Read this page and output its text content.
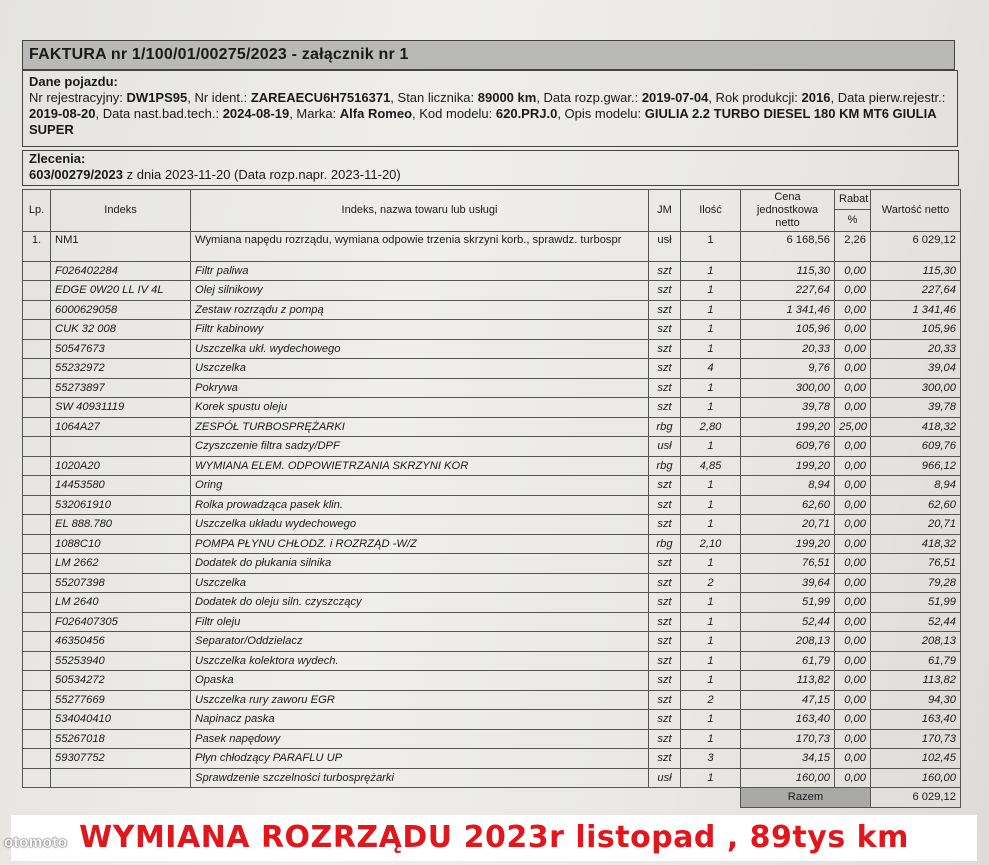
FAKTURA nr 1/100/01/00275/2023 - załącznik nr 1
Dane pojazdu:
Nr rejestracyjny: DW1PS95, Nr ident.: ZAREAECU6H7516371, Stan licznika: 89000 km, Data rozp.gwar.: 2019-07-04, Rok produkcji: 2016, Data pierw.rejestr.: 2019-08-20, Data nast.bad.tech.: 2024-08-19, Marka: Alfa Romeo, Kod modelu: 620.PRJ.0, Opis modelu: GIULIA 2.2 TURBO DIESEL 180 KM MT6 GIULIA SUPER
Zlecenia:
603/00279/2023 z dnia 2023-11-20 (Data rozp.napr. 2023-11-20)
Lp.	Indeks	Indeks, nazwa towaru lub usługi	JM	Ilość	Cena jednostkowa netto	Rabat	Wartość netto
						%	
1.	NM1	Wymiana napędu rozrządu, wymiana odpowie trzenia skrzyni korb., sprawdz. turbospr	usł	1	6 168,56	2,26	6 029,12
	F026402284	Filtr paliwa	szt	1	115,30	0,00	115,30
	EDGE 0W20 LL IV 4L	Olej silnikowy	szt	1	227,64	0,00	227,64
	6000629058	Zestaw rozrządu z pompą	szt	1	1 341,46	0,00	1 341,46
	CUK 32 008	Filtr kabinowy	szt	1	105,96	0,00	105,96
	50547673	Uszczelka ukł. wydechowego	szt	1	20,33	0,00	20,33
	55232972	Uszczelka	szt	4	9,76	0,00	39,04
	55273897	Pokrywa	szt	1	300,00	0,00	300,00
	SW 40931119	Korek spustu oleju	szt	1	39,78	0,00	39,78
	1064A27	ZESPÓŁ TURBOSPRĘŻARKI	rbg	2,80	199,20	25,00	418,32
		Czyszczenie filtra sadzy/DPF	usł	1	609,76	0,00	609,76
	1020A20	WYMIANA ELEM. ODPOWIETRZANIA SKRZYNI KOR	rbg	4,85	199,20	0,00	966,12
	14453580	Oring	szt	1	8,94	0,00	8,94
	532061910	Rolka prowadząca pasek klin.	szt	1	62,60	0,00	62,60
	EL 888.780	Uszczelka układu wydechowego	szt	1	20,71	0,00	20,71
	1088C10	POMPA PŁYNU CHŁODZ. i ROZRZĄD -W/Z	rbg	2,10	199,20	0,00	418,32
	LM 2662	Dodatek do płukania silnika	szt	1	76,51	0,00	76,51
	55207398	Uszczelka	szt	2	39,64	0,00	79,28
	LM 2640	Dodatek do oleju siln. czyszczący	szt	1	51,99	0,00	51,99
	F026407305	Filtr oleju	szt	1	52,44	0,00	52,44
	46350456	Separator/Oddzielacz	szt	1	208,13	0,00	208,13
	55253940	Uszczelka kolektora wydech.	szt	1	61,79	0,00	61,79
	50534272	Opaska	szt	1	113,82	0,00	113,82
	55277669	Uszczelka rury zaworu EGR	szt	2	47,15	0,00	94,30
	534040410	Napinacz paska	szt	1	163,40	0,00	163,40
	55267018	Pasek napędowy	szt	1	170,73	0,00	170,73
	59307752	Płyn chłodzący PARAFLU UP	szt	3	34,15	0,00	102,45
		Sprawdzenie szczelności turbosprężarki	usł	1	160,00	0,00	160,00
					Razem		6 029,12
WYMIANA ROZRZĄDU 2023r listopad , 89tys km
otomoto
